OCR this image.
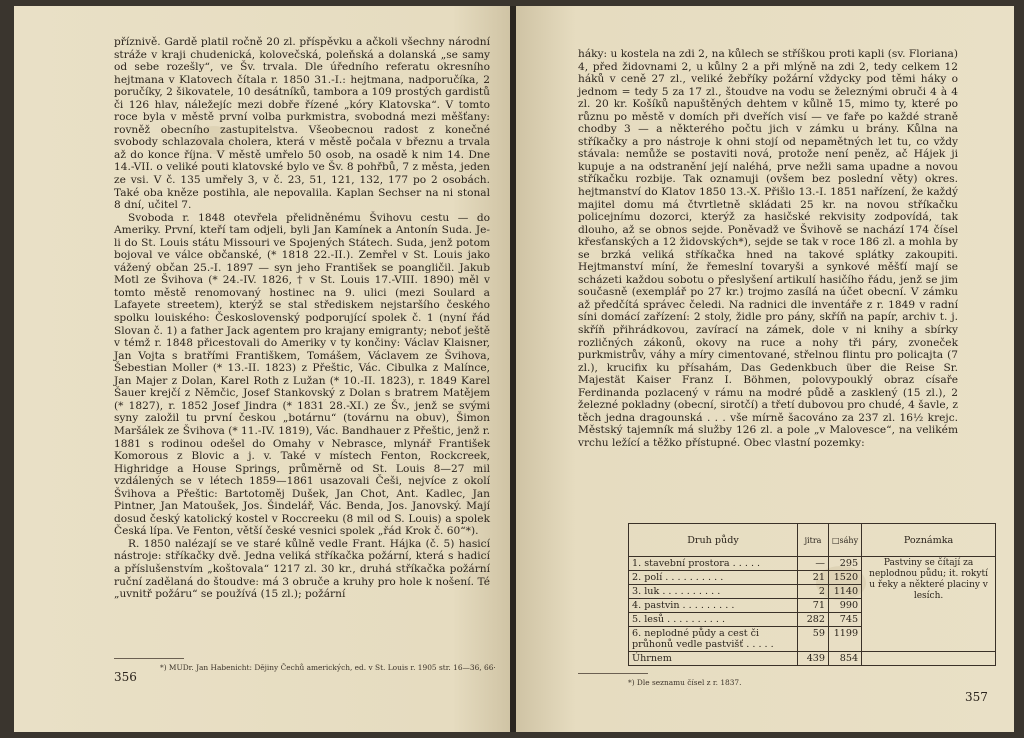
příznivě. Gardě platil ročně 20 zl. příspěvku a ačkoli všechny národní stráže v kraji chudenická, kolovečská, poleňská a dolanská „se samy od sebe rozešly“, ve Šv. trvala. Dle úředního referatu okresního hejtmana v Klatovech čítala r. 1850 31.-I.: hejtmana, nadporučíka, 2 poručíky, 2 šikovatele, 10 desátníků, tambora a 109 prostých gardistů či 126 hlav, náležejíc mezi dobře řízené „kóry Klatovska“. V tomto roce byla v městě první volba purkmistra, svobodná mezi měšťany: rovněž obecního zastupitelstva. Všeobecnou radost z konečné svobody schlazovala cholera, která v městě počala v březnu a trvala až do konce října. V městě umřelo 50 osob, na osadě k nim 14. Dne 14.-VII. o veliké pouti klatovské bylo ve Šv. 8 pohřbů, 7 z města, jeden ze vsi. V č. 135 umřely 3, v č. 23, 51, 121, 132, 177 po 2 osobách. Také oba kněze postihla, ale nepovalila. Kaplan Sechser na ni stonal 8 dní, učitel 7.

Svoboda r. 1848 otevřela přelidněnému Švihovu cestu — do Ameriky. První, kteří tam odjeli, byli Jan Kamínek a Antonín Suda. Je-li do St. Louis státu Missouri ve Spojených Státech. Suda, jenž potom bojoval ve válce občanské, (* 1818 22.-II.). Zemřel v St. Louis jako vážený občan 25.-I. 1897 — syn jeho František se poangličil. Jakub Motl ze Švihova (* 24.-IV. 1826, † v St. Louis 17.-VIII. 1890) měl v tomto městě renomovaný hostinec na 9. ulici (mezi Soulard a Lafayete streetem), kterýž se stal střediskem nejstaršího českého spolku louiského: Československý podporující spolek č. 1 (nyní řád Slovan č. 1) a father Jack agentem pro krajany emigranty; neboť ještě v témž r. 1848 přicestovali do Ameriky v ty končiny: Václav Klaisner, Jan Vojta s bratřími Františkem, Tomášem, Václavem ze Švihova, Šebestian Moller (* 13.-II. 1823) z Přeštic, Vác. Cibulka z Malínce, Jan Majer z Dolan, Karel Roth z Lužan (* 10.-II. 1823), r. 1849 Karel Šauer krejčí z Němčic, Josef Stankovský z Dolan s bratrem Matějem (* 1827), r. 1852 Josef Jindra (* 1831 28.-XI.) ze Šv., jenž se svými syny založil tu první českou „botárnu“ (továrnu na obuv), Šimon Maršálek ze Švihova (* 11.-IV. 1819), Vác. Bandhauer z Přeštic, jenž r. 1881 s rodinou odešel do Omahy v Nebrasce, mlynář František Komorous z Blovic a j. v. Také v místech Fenton, Rockcreek, Highridge a House Springs, průměrně od St. Louis 8—27 mil vzdálených se v létech 1859—1861 usazovali Češi, nejvíce z okolí Švihova a Přeštic: Bartotoměj Dušek, Jan Chot, Ant. Kadlec, Jan Pintner, Jan Matoušek, Jos. Šindelář, Vác. Benda, Jos. Janovský. Mají dosud český katolický kostel v Roccreeku (8 mil od S. Louis) a spolek Česká lípa. Ve Fenton, větší české vesnici spolek „řád Krok č. 60“*).

R. 1850 nalézají se ve staré kůlně vedle Frant. Hájka (č. 5) hasicí nástroje: stříkačky dvě. Jedna veliká stříkačka požární, která s hadicí a příslušenstvím „koštovala“ 1217 zl. 30 kr., druhá stříkačka požární ruční zadělaná do štoudve: má 3 obruče a kruhy pro hole k nošení. Té „uvnitř požáru“ se používá (15 zl.); požární

*) MUDr. Jan Habenicht: Dějiny Čechů amerických, ed. v St. Louis r. 1905 str. 16—36, 66·
356

háky: u kostela na zdi 2, na kůlech se stříškou proti kapli (sv. Floriana) 4, před židovnami 2, u kůlny 2 a při mlýně na zdi 2, tedy celkem 12 háků v ceně 27 zl., veliké žebříky požární vždycky pod těmi háky o jednom = tedy 5 za 17 zl., štoudve na vodu se železnými obruči 4 à 4 zl. 20 kr. Košíků napuštěných dehtem v kůlně 15, mimo ty, které po různu po městě v domích při dveřích visí — ve faře po každé straně chodby 3 — a některého počtu jich v zámku u brány. Kůlna na stříkačky a pro nástroje k ohni stojí od nepamětných let tu, co vždy stávala: nemůže se postaviti nová, protože není peněz, ač Hájek ji kupuje a na odstranění její naléhá, prve nežli sama upadne a novou stříkačku rozbije. Tak oznamuji (ovšem bez poslední věty) okres. hejtmanství do Klatov 1850 13.-X. Přišlo 13.-I. 1851 nařízení, že každý majitel domu má čtvrtletně skládati 25 kr. na novou stříkačku policejnímu dozorci, kterýž za hasičské rekvisity zodpovídá, tak dlouho, až se obnos sejde. Poněvadž ve Švihově se nachází 174 čísel křesťanských a 12 židovských*), sejde se tak v roce 186 zl. a mohla by se brzká veliká stříkačka hned na takové splátky zakoupiti. Hejtmanství míní, že řemeslní tovaryši a synkové měšťí mají se scházeti každou sobotu o přeslyšení artikulí hasičího řádu, jenž se jim současně (exemplář po 27 kr.) trojmo zasílá na účet obecní. V zámku až předčítá správec čeledi. Na radnici dle inventáře z r. 1849 v radní síni domácí zařízení: 2 stoly, židle pro pány, skříň na papír, archiv t. j. skříň přihrádkovou, zavírací na zámek, dole v ni knihy a sbírky rozličných zákonů, okovy na ruce a nohy tři páry, zvoneček purkmistrův, váhy a míry cimentované, střelnou flintu pro policajta (7 zl.), krucifix ku přísahám, Das Gedenkbuch über die Reise Sr. Majestät Kaiser Franz I. Böhmen, polovypouklý obraz císaře Ferdinanda pozlacený v rámu na modré půdě a zasklený (15 zl.), 2 železné pokladny (obecní, sirotčí) a třetí dubovou pro chudé, 4 šavle, z těch jedna dragounská . . . vše mírně šacováno za 237 zl. 16½ krejc. Městský tajemník má služby 126 zl. a pole „v Malovesce“, na velikém vrchu ležící a těžko přístupné. Obec vlastní pozemky:

Druh půdy	jitra	□sáhy	Poznámka
1. stavební prostora . . . . .	—	295	Pastviny se čítají za neplodnou půdu; it. rokytí u řeky a některé placiny v lesích.
2. polí . . . . . . . . . .	21	1520	
3. luk . . . . . . . . . .	2	1140	
4. pastvin . . . . . . . . .	71	990	
5. lesů . . . . . . . . . .	282	745	
6. neplodné půdy a cest či průhonů vedle pastvišť . . . . .	59	1199	
Úhrnem	439	854	
*) Dle seznamu čísel z r. 1837.
357
